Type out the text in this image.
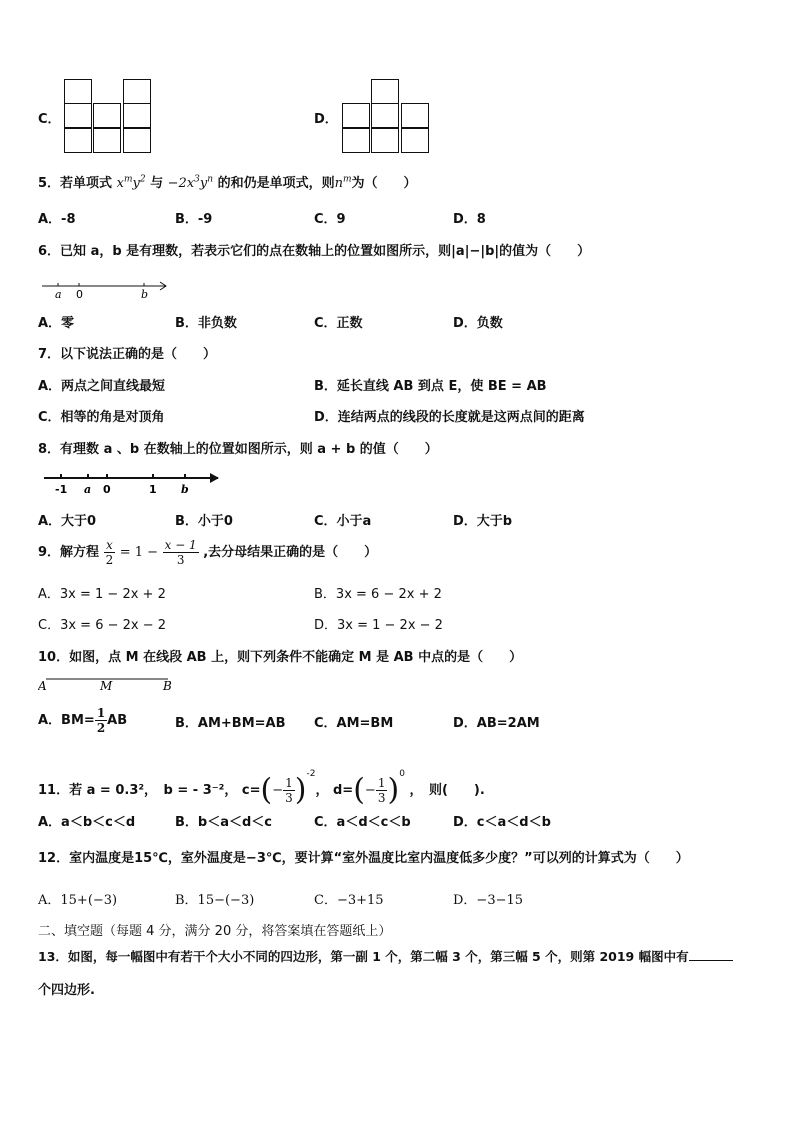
C．	D．
5．若单项式 $x^my^2$ 与 $-2x^3y^n$ 的和仍是单项式，则$n^m$为（　　）
A．-8	B．-9	C．9	D．8
6．已知 a，b 是有理数，若表示它们的点在数轴上的位置如图所示，则|a|−|b|的值为（　　）
a 0	b
A．零	B．非负数	C．正数	D．负数
7．以下说法正确的是（　　）
A．两点之间直线最短	B．延长直线 AB 到点 E，使 BE = AB
C．相等的角是对顶角	D．连结两点的线段的长度就是这两点间的距离
8．有理数 a 、b 在数轴上的位置如图所示，则 a + b 的值（　　）
-1 a 0	1 b
A．大于0	B．小于0	C．小于a	D．大于b
9．解方程 $\frac{x}{2} = 1 - \frac{x - 1}{3}$ ,去分母结果正确的是（　　）
A．3x = 1 − 2x + 2	B．3x = 6 − 2x + 2
C．3x = 6 − 2x − 2	D．3x = 1 − 2x − 2
10．如图，点 M 在线段 AB 上，则下列条件不能确定 M 是 AB 中点的是（　　）
A	M	B
A．$BM= \frac{1}{2}$ AB	B．AM+BM=AB C．AM=BM	D．AB=2AM
11．若 a = 0.3²，　b = - 3⁻²， $c=(- \frac{1}{3} )^{-2}$， $d=(- \frac{1}{3} )^0$ ，　则(　　).
A．a＜b＜c＜d	B．b＜a＜d＜c	C．a＜d＜c＜b	D．c＜a＜d＜b
12．室内温度是15℃，室外温度是−3℃，要计算“室外温度比室内温度低多少度？”可以列的计算式为（　　）
A．15+(−3)	B．15−(−3)	C．−3+15	D．−3−15
二、填空题（每题 4 分，满分 20 分，将答案填在答题纸上）
13．如图，每一幅图中有若干个大小不同的四边形，第一副 1 个，第二幅 3 个，第三幅 5 个，则第 2019 幅图中有
个四边形.
